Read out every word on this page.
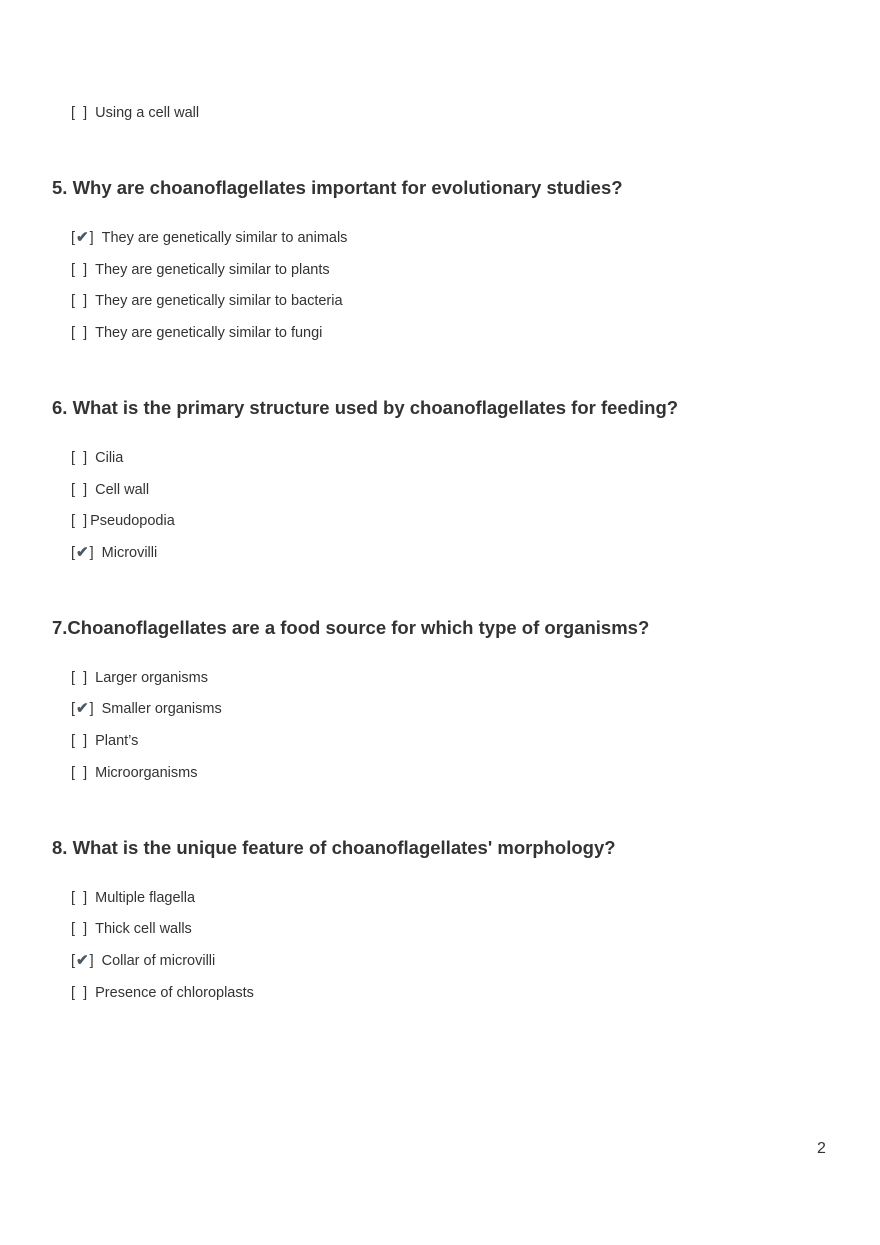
[  ] Using a cell wall
5. Why are choanoflagellates important for evolutionary studies?
[✔] They are genetically similar to animals
[  ] They are genetically similar to plants
[  ] They are genetically similar to bacteria
[  ] They are genetically similar to fungi
6. What is the primary structure used by choanoflagellates for feeding?
[  ] Cilia
[  ] Cell wall
[  ] Pseudopodia
[✔] Microvilli
7.Choanoflagellates are a food source for which type of organisms?
[  ] Larger organisms
[✔] Smaller organisms
[  ] Plant’s
[  ] Microorganisms
8. What is the unique feature of choanoflagellates' morphology?
[  ] Multiple flagella
[  ] Thick cell walls
[✔] Collar of microvilli
[  ] Presence of chloroplasts
2
